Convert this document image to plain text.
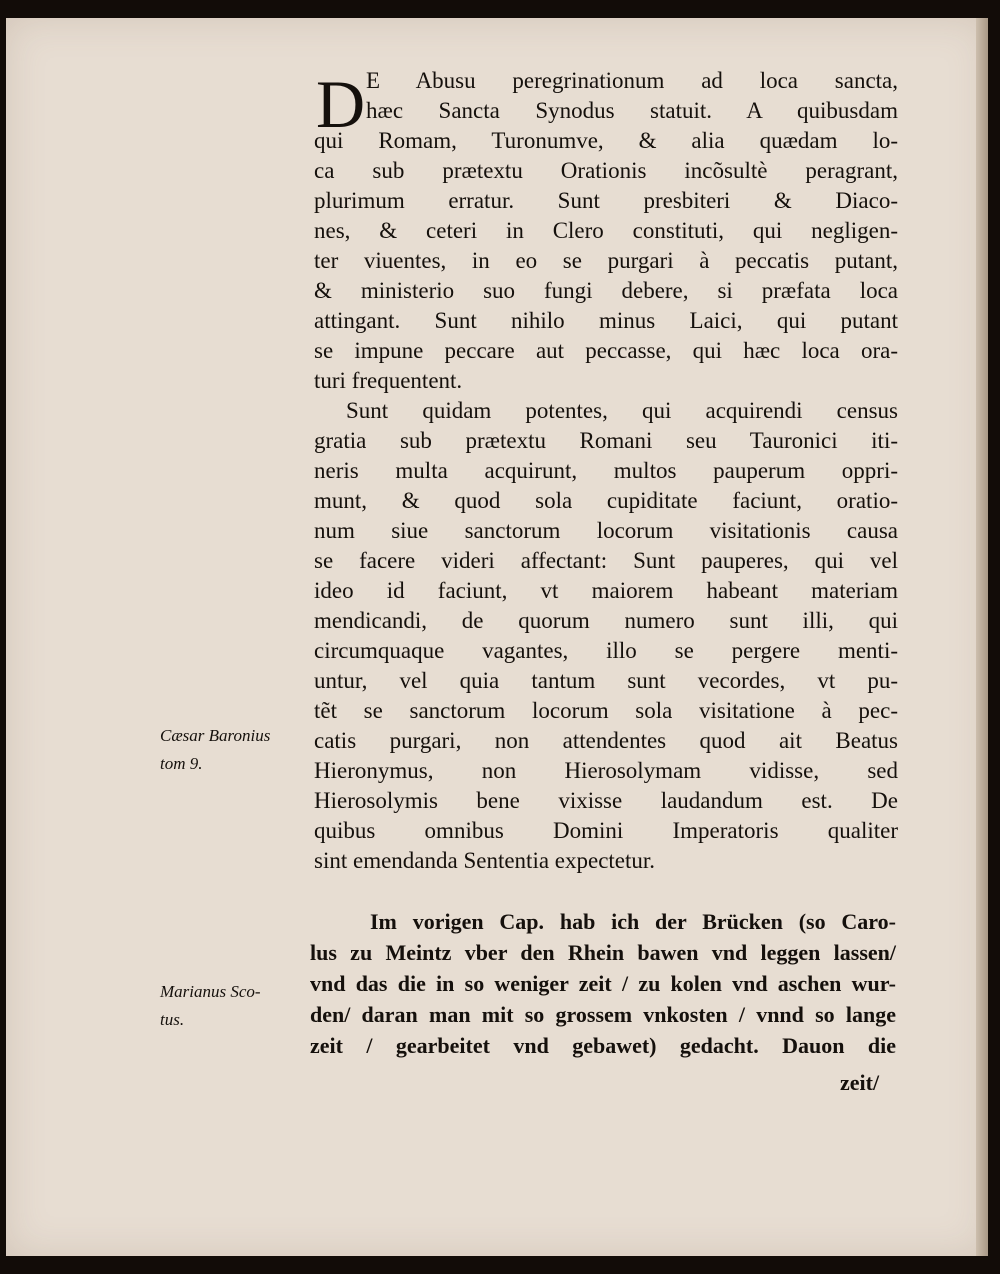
D E Abusu peregrinationum ad loca sancta,
hæc Sancta Synodus statuit. A quibusdam
qui Romam, Turonumve, & alia quædam lo-
ca sub prætextu Orationis incõsultè peragrant,
plurimum erratur. Sunt presbiteri & Diaco-
nes, & ceteri in Clero constituti, qui negligen-
ter viuentes, in eo se purgari à peccatis putant,
& ministerio suo fungi debere, si præfata loca
attingant. Sunt nihilo minus Laici, qui putant
se impune peccare aut peccasse, qui hæc loca ora-
turi frequentent.
Sunt quidam potentes, qui acquirendi census
gratia sub prætextu Romani seu Tauronici iti-
neris multa acquirunt, multos pauperum oppri-
munt, & quod sola cupiditate faciunt, oratio-
num siue sanctorum locorum visitationis causa
se facere videri affectant: Sunt pauperes, qui vel
ideo id faciunt, vt maiorem habeant materiam
mendicandi, de quorum numero sunt illi, qui
circumquaque vagantes, illo se pergere menti-
untur, vel quia tantum sunt vecordes, vt pu-
tẽt se sanctorum locorum sola visitatione à pec-
catis purgari, non attendentes quod ait Beatus
Hieronymus, non Hierosolymam vidisse, sed
Hierosolymis bene vixisse laudandum est. De
quibus omnibus Domini Imperatoris qualiter
sint emendanda Sententia expectetur.
Cæsar Baronius
tom 9.
Marianus Sco-
tus.
Im vorigen Cap. hab ich der Brücken (so Caro-
lus zu Meintz vber den Rhein bawen vnd leggen lassen/
vnd das die in so weniger zeit / zu kolen vnd aschen wur-
den/ daran man mit so grossem vnkosten / vnnd so lange
zeit / gearbeitet vnd gebawet) gedacht. Dauon die
zeit/
